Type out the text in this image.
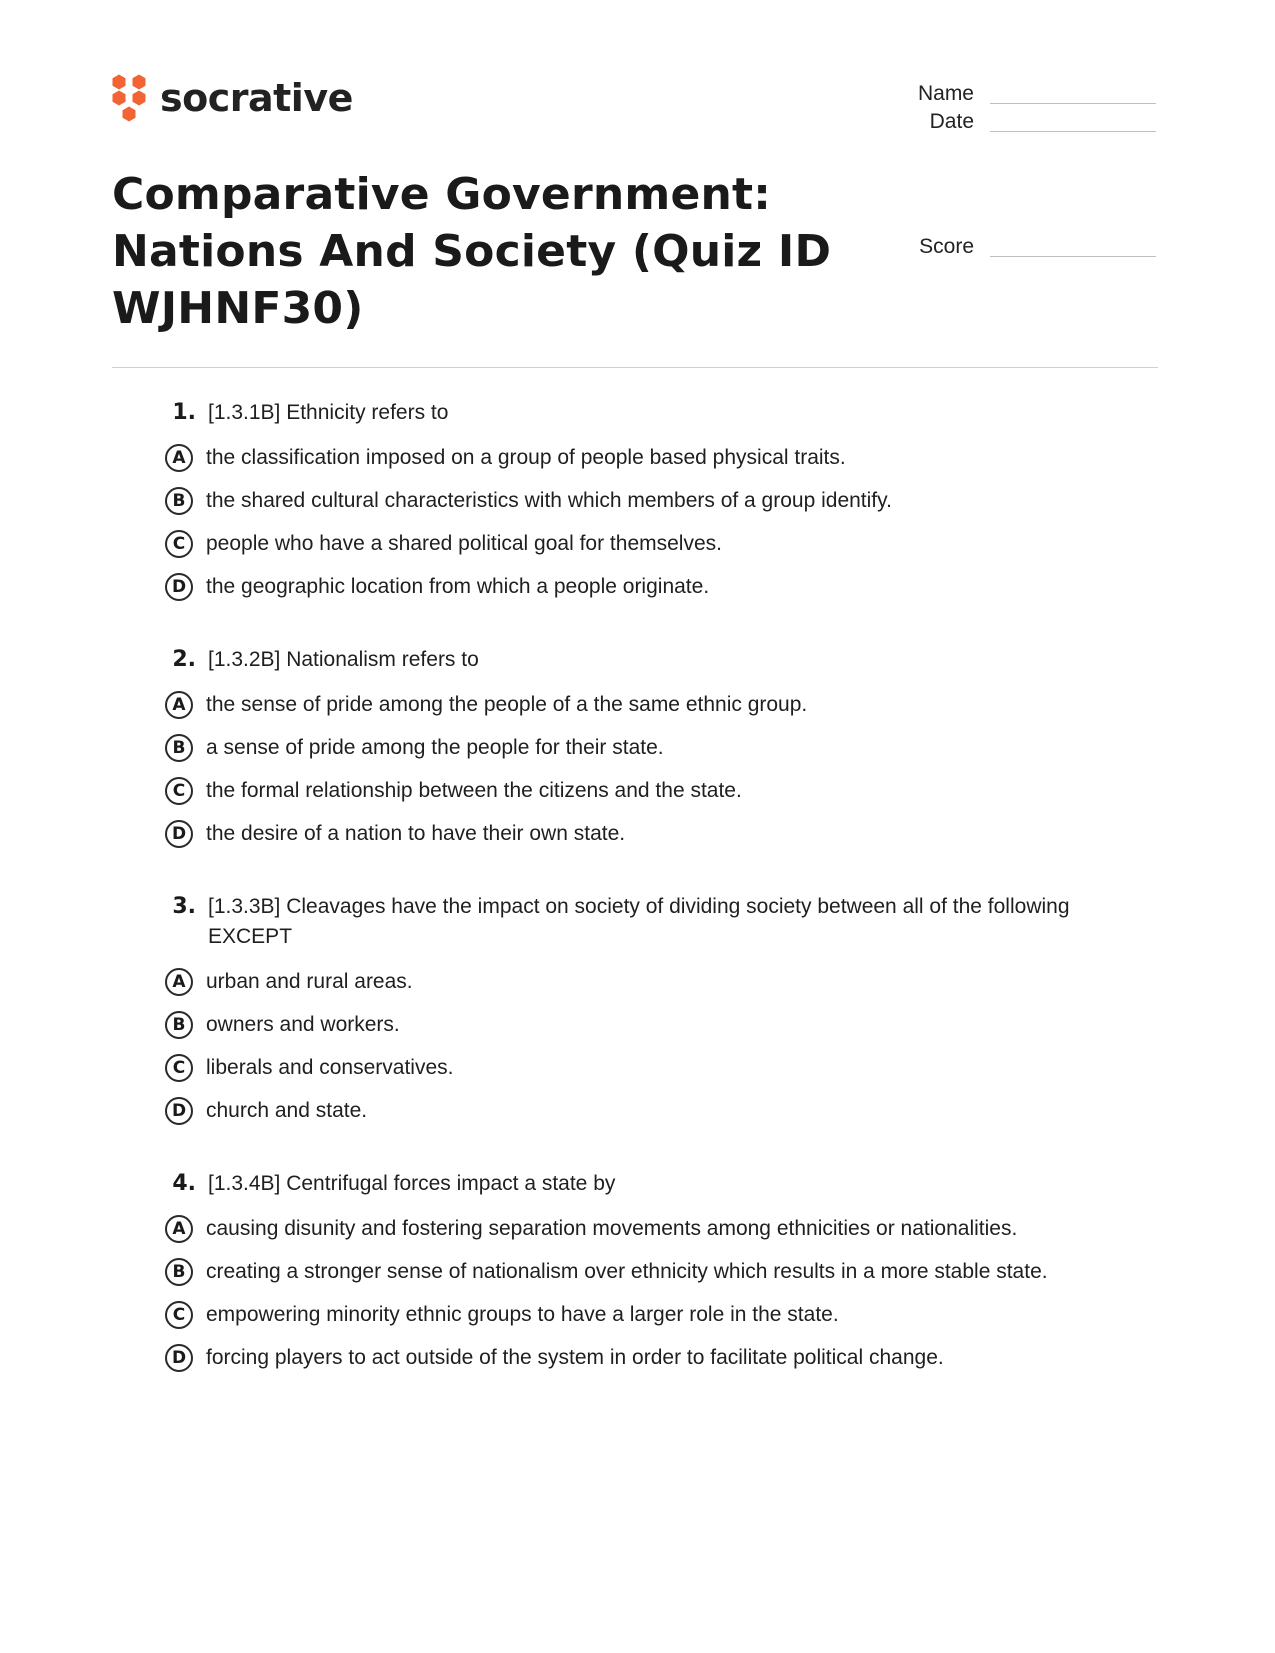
socrative	Name
Date
Score
Comparative Government: Nations And Society (Quiz ID WJHNF30)
1. [1.3.1B] Ethnicity refers to
A the classification imposed on a group of people based physical traits.
B the shared cultural characteristics with which members of a group identify.
C people who have a shared political goal for themselves.
D the geographic location from which a people originate.
2. [1.3.2B] Nationalism refers to
A the sense of pride among the people of a the same ethnic group.
B a sense of pride among the people for their state.
C the formal relationship between the citizens and the state.
D the desire of a nation to have their own state.
3. [1.3.3B] Cleavages have the impact on society of dividing society between all of the following EXCEPT
A urban and rural areas.
B owners and workers.
C liberals and conservatives.
D church and state.
4. [1.3.4B] Centrifugal forces impact a state by
A causing disunity and fostering separation movements among ethnicities or nationalities.
B creating a stronger sense of nationalism over ethnicity which results in a more stable state.
C empowering minority ethnic groups to have a larger role in the state.
D forcing players to act outside of the system in order to facilitate political change.
